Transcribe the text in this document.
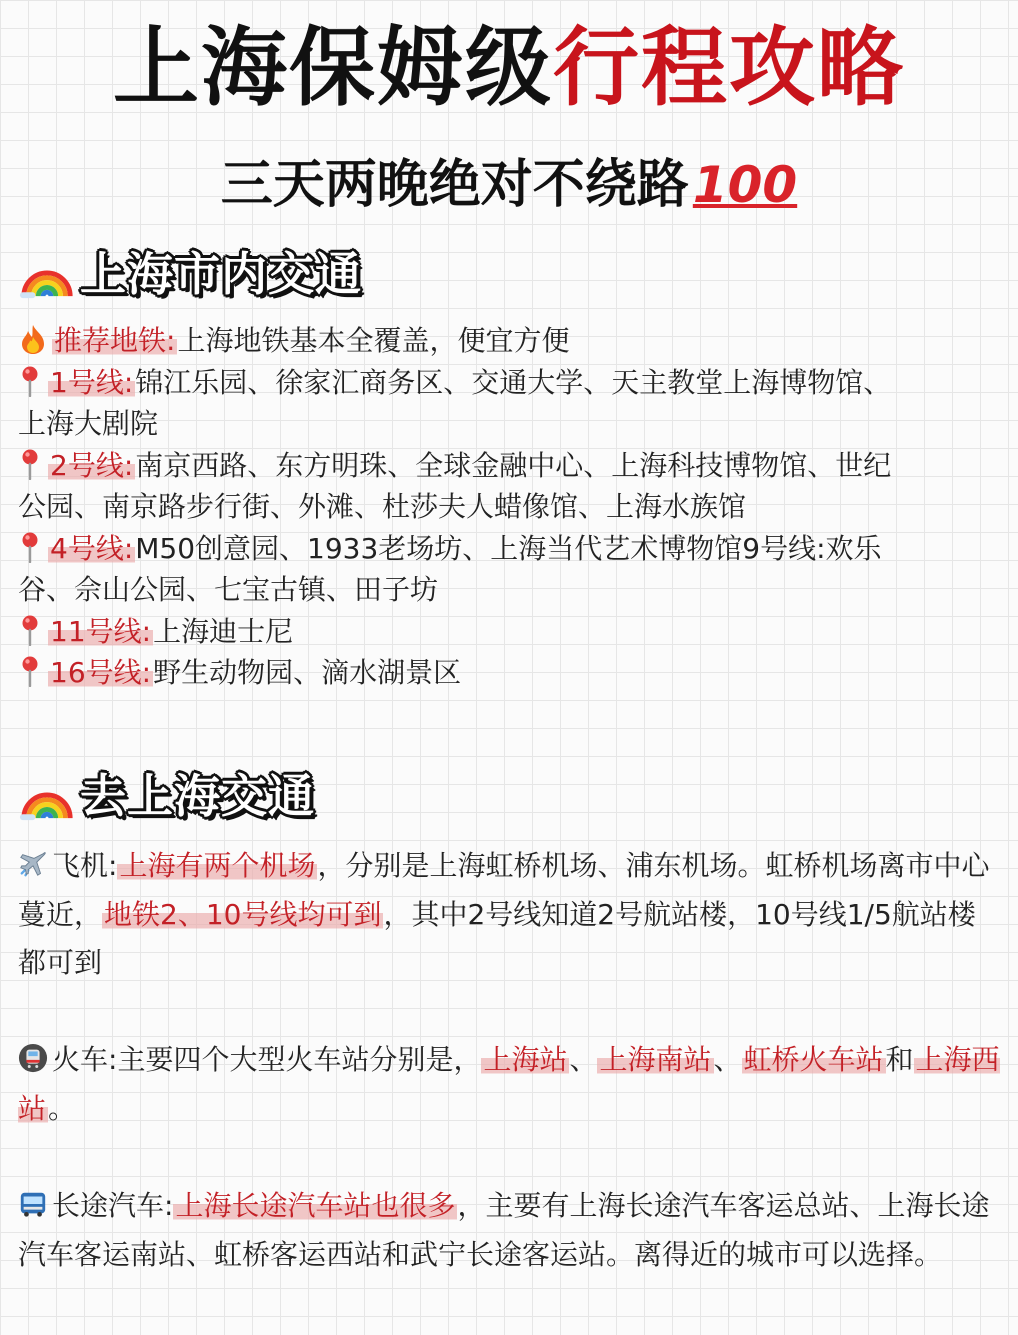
上海保姆级行程攻略
三天两晚绝对不绕路100
上海市内交通
推荐地铁:上海地铁基本全覆盖，便宜方便
1号线:锦江乐园、徐家汇商务区、交通大学、天主教堂上海博物馆、上海大剧院
2号线:南京西路、东方明珠、全球金融中心、上海科技博物馆、世纪公园、南京路步行街、外滩、杜莎夫人蜡像馆、上海水族馆
4号线:M50创意园、1933老场坊、上海当代艺术博物馆9号线:欢乐谷、佘山公园、七宝古镇、田子坊
11号线:上海迪士尼
16号线:野生动物园、滴水湖景区
去上海交通
飞机:上海有两个机场，分别是上海虹桥机场、浦东机场。虹桥机场离市中心蔓近，地铁2、10号线均可到，其中2号线知道2号航站楼，10号线1/5航站楼都可到
火车:主要四个大型火车站分别是，上海站、上海南站、虹桥火车站和上海西站。
长途汽车:上海长途汽车站也很多，主要有上海长途汽车客运总站、上海长途汽车客运南站、虹桥客运西站和武宁长途客运站。离得近的城市可以选择。
